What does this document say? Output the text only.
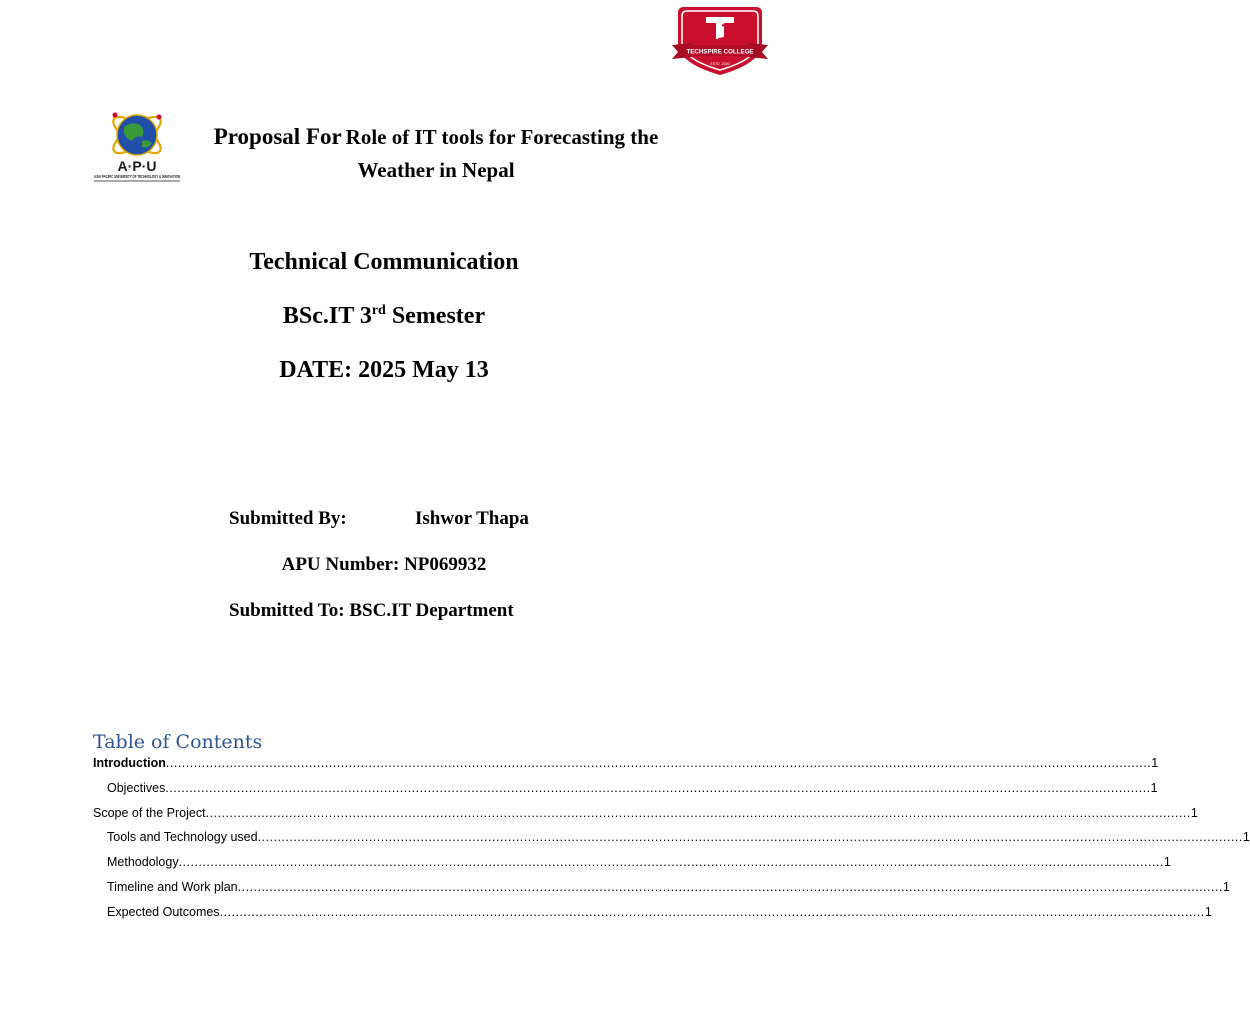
TECHSPIRE COLLEGE
ESTD. 2020
A·P·U
ASIA PACIFIC UNIVERSITY OF TECHNOLOGY & INNOVATION
Proposal For Role of IT tools for Forecasting the Weather in Nepal
Technical Communication
BSc.IT 3rd Semester
DATE: 2025 May 13
Submitted By:	Ishwor Thapa
APU Number: NP069932
Submitted To: BSC.IT Department
Table of Contents
Introduction .....	1
Objectives .....	1
Scope of the Project .....	1
Tools and Technology used .....	1
Methodology .....	1
Timeline and Work plan .....	1
Expected Outcomes .....	1
